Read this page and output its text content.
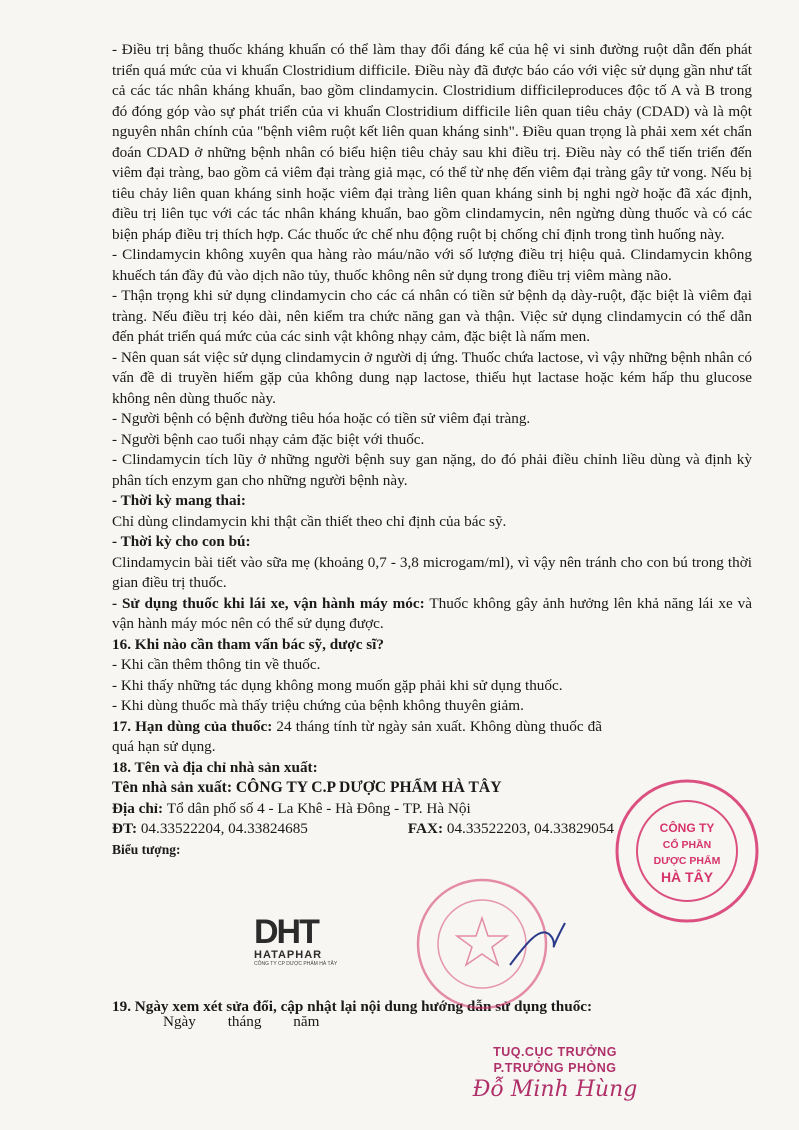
- Điều trị bằng thuốc kháng khuẩn có thể làm thay đổi đáng kể của hệ vi sinh đường ruột dẫn đến phát triển quá mức của vi khuẩn Clostridium difficile. Điều này đã được báo cáo với việc sử dụng gần như tất cả các tác nhân kháng khuẩn, bao gồm clindamycin. Clostridium difficileproduces độc tố A và B trong đó đóng góp vào sự phát triển của vi khuẩn Clostridium difficile liên quan tiêu chảy (CDAD) và là một nguyên nhân chính của "bệnh viêm ruột kết liên quan kháng sinh". Điều quan trọng là phải xem xét chẩn đoán CDAD ở những bệnh nhân có biểu hiện tiêu chảy sau khi điều trị. Điều này có thể tiến triển đến viêm đại tràng, bao gồm cả viêm đại tràng giả mạc, có thể từ nhẹ đến viêm đại tràng gây tử vong. Nếu bị tiêu chảy liên quan kháng sinh hoặc viêm đại tràng liên quan kháng sinh bị nghi ngờ hoặc đã xác định, điều trị liên tục với các tác nhân kháng khuẩn, bao gồm clindamycin, nên ngừng dùng thuốc và có các biện pháp điều trị thích hợp. Các thuốc ức chế nhu động ruột bị chống chỉ định trong tình huống này.

- Clindamycin không xuyên qua hàng rào máu/não với số lượng điều trị hiệu quả. Clindamycin không khuếch tán đầy đủ vào dịch não tủy, thuốc không nên sử dụng trong điều trị viêm màng não.

- Thận trọng khi sử dụng clindamycin cho các cá nhân có tiền sử bệnh dạ dày-ruột, đặc biệt là viêm đại tràng. Nếu điều trị kéo dài, nên kiểm tra chức năng gan và thận. Việc sử dụng clindamycin có thể dẫn đến phát triển quá mức của các sinh vật không nhạy cảm, đặc biệt là nấm men.

- Nên quan sát việc sử dụng clindamycin ở người dị ứng. Thuốc chứa lactose, vì vậy những bệnh nhân có vấn đề di truyền hiếm gặp của không dung nạp lactose, thiếu hụt lactase hoặc kém hấp thu glucose không nên dùng thuốc này.

- Người bệnh có bệnh đường tiêu hóa hoặc có tiền sử viêm đại tràng.

- Người bệnh cao tuổi nhạy cảm đặc biệt với thuốc.

- Clindamycin tích lũy ở những người bệnh suy gan nặng, do đó phải điều chỉnh liều dùng và định kỳ phân tích enzym gan cho những người bệnh này.

- Thời kỳ mang thai:

Chỉ dùng clindamycin khi thật cần thiết theo chỉ định của bác sỹ.

- Thời kỳ cho con bú:

Clindamycin bài tiết vào sữa mẹ (khoảng 0,7 - 3,8 microgam/ml), vì vậy nên tránh cho con bú trong thời gian điều trị thuốc.

- Sử dụng thuốc khi lái xe, vận hành máy móc: Thuốc không gây ảnh hưởng lên khả năng lái xe và vận hành máy móc nên có thể sử dụng được.

16. Khi nào cần tham vấn bác sỹ, dược sĩ?

- Khi cần thêm thông tin về thuốc.

- Khi thấy những tác dụng không mong muốn gặp phải khi sử dụng thuốc.

- Khi dùng thuốc mà thấy triệu chứng của bệnh không thuyên giảm.

17. Hạn dùng của thuốc: 24 tháng tính từ ngày sản xuất. Không dùng thuốc đã quá hạn sử dụng.

18. Tên và địa chỉ nhà sản xuất:

Tên nhà sản xuất: CÔNG TY C.P DƯỢC PHẨM HÀ TÂY

Địa chỉ: Tổ dân phố số 4 - La Khê - Hà Đông - TP. Hà Nội

ĐT: 04.33522204, 04.33824685	FAX: 04.33522203, 04.33829054

Biểu tượng:

19. Ngày xem xét sửa đổi, cập nhật lại nội dung hướng dẫn sử dụng thuốc:

DHT
HATAPHAR
CÔNG TY CP DƯỢC PHẨM HÀ TÂY
Ngày tháng năm
CÔNG TY
CỔ PHẦN
DƯỢC PHẨM
HÀ TÂY
TUQ.CỤC TRƯỞNG
P.TRƯỞNG PHÒNG
Đỗ Minh Hùng
